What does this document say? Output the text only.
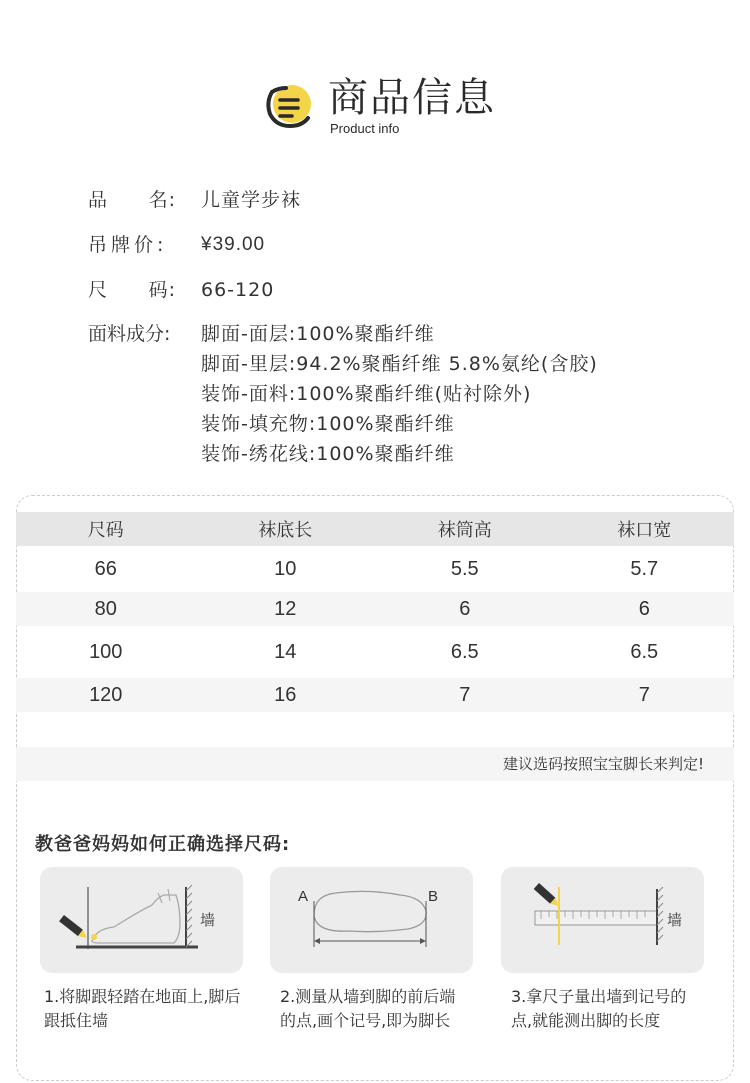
商品信息
Product info
品 名: 儿童学步袜
吊牌价:	¥39.00
尺 码: 66-120
面料成分:	脚面-面层:100%聚酯纤维
脚面-里层:94.2%聚酯纤维 5.8%氨纶(含胶)
装饰-面料:100%聚酯纤维(贴衬除外)
装饰-填充物:100%聚酯纤维
装饰-绣花线:100%聚酯纤维
尺码	袜底长	袜筒高	袜口宽
66	10	5.5	5.7
80	12	6	6
100	14	6.5	6.5
120	16	7	7
建议选码按照宝宝脚长来判定!
教爸爸妈妈如何正确选择尺码:
墙
A	B
墙
1.将脚跟轻踏在地面上,脚后跟抵住墙
2.测量从墙到脚的前后端的点,画个记号,即为脚长
3.拿尺子量出墙到记号的点,就能测出脚的长度
